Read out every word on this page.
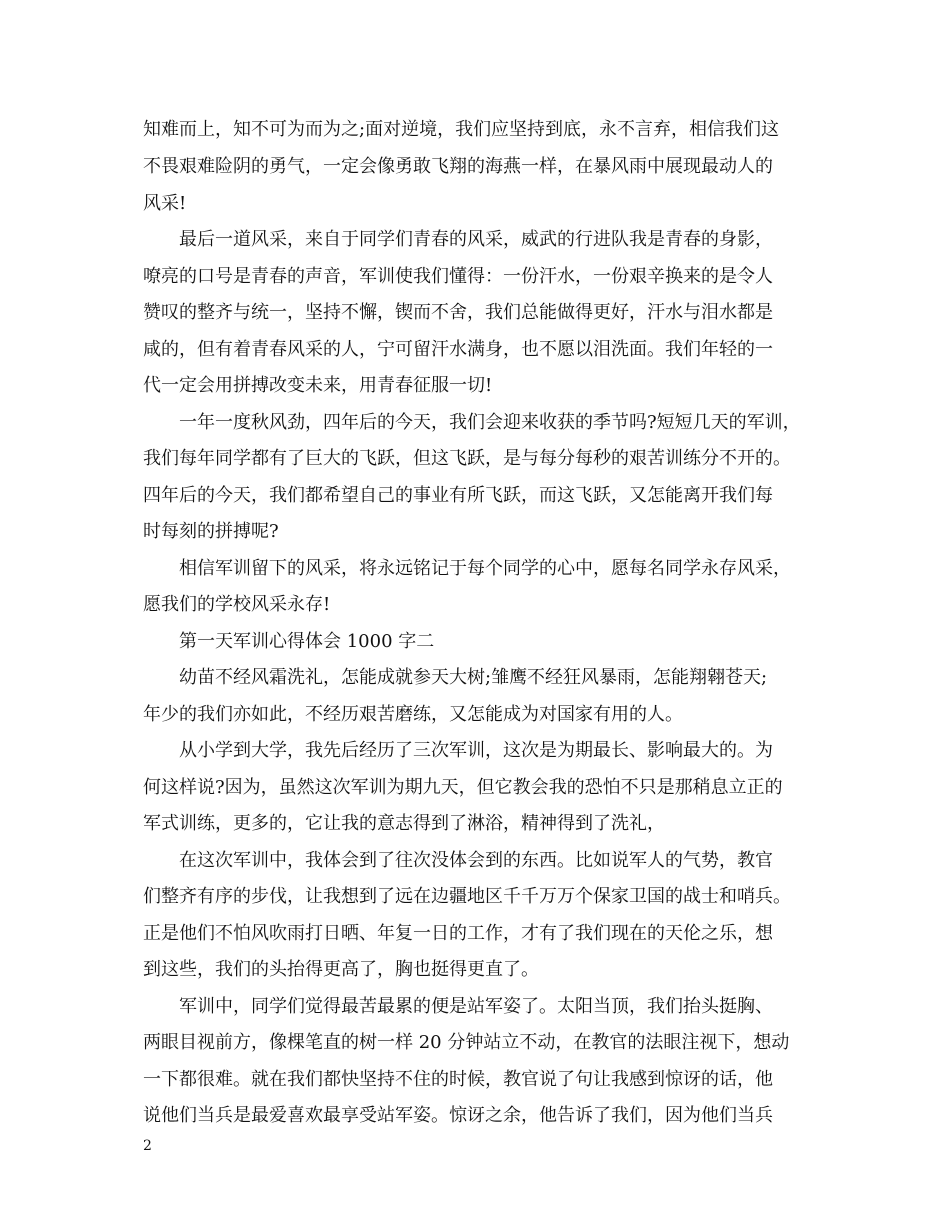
知难而上，知不可为而为之;面对逆境，我们应坚持到底，永不言弃，相信我们这
不畏艰难险阴的勇气，一定会像勇敢飞翔的海燕一样，在暴风雨中展现最动人的
风采!
最后一道风采，来自于同学们青春的风采，威武的行进队我是青春的身影，
嘹亮的口号是青春的声音，军训使我们懂得：一份汗水，一份艰辛换来的是令人
赞叹的整齐与统一，坚持不懈，锲而不舍，我们总能做得更好，汗水与泪水都是
咸的，但有着青春风采的人，宁可留汗水满身，也不愿以泪洗面。我们年轻的一
代一定会用拼搏改变未来，用青春征服一切!
一年一度秋风劲，四年后的今天，我们会迎来收获的季节吗?短短几天的军训，
我们每年同学都有了巨大的飞跃，但这飞跃，是与每分每秒的艰苦训练分不开的。
四年后的今天，我们都希望自己的事业有所飞跃，而这飞跃，又怎能离开我们每
时每刻的拼搏呢?
相信军训留下的风采，将永远铭记于每个同学的心中，愿每名同学永存风采，
愿我们的学校风采永存!
第一天军训心得体会 1000 字二
幼苗不经风霜洗礼，怎能成就参天大树;雏鹰不经狂风暴雨，怎能翔翱苍天;
年少的我们亦如此，不经历艰苦磨练，又怎能成为对国家有用的人。
从小学到大学，我先后经历了三次军训，这次是为期最长、影响最大的。为
何这样说?因为，虽然这次军训为期九天，但它教会我的恐怕不只是那稍息立正的
军式训练，更多的，它让我的意志得到了淋浴，精神得到了洗礼，
在这次军训中，我体会到了往次没体会到的东西。比如说军人的气势，教官
们整齐有序的步伐，让我想到了远在边疆地区千千万万个保家卫国的战士和哨兵。
正是他们不怕风吹雨打日晒、年复一日的工作，才有了我们现在的天伦之乐，想
到这些，我们的头抬得更高了，胸也挺得更直了。
军训中，同学们觉得最苦最累的便是站军姿了。太阳当顶，我们抬头挺胸、
两眼目视前方，像棵笔直的树一样 20 分钟站立不动，在教官的法眼注视下，想动
一下都很难。就在我们都快坚持不住的时候，教官说了句让我感到惊讶的话，他
说他们当兵是最爱喜欢最享受站军姿。惊讶之余，他告诉了我们，因为他们当兵
2
